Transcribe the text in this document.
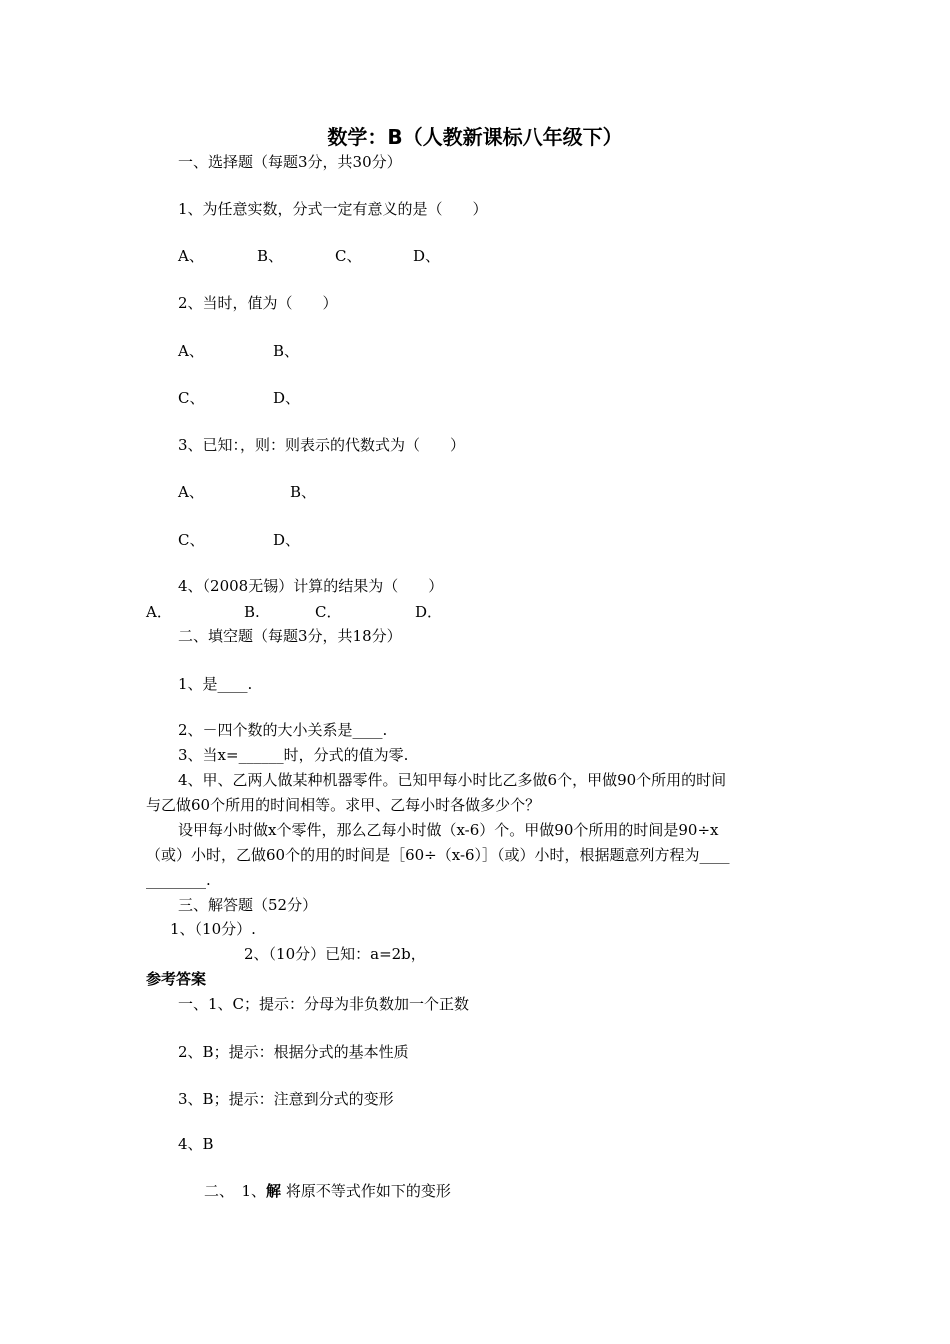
数学：B（人教新课标八年级下）
一、选择题（每题3分，共30分）
1、为任意实数，分式一定有意义的是（　　）
A、	B、	C、	D、
2、当时，值为（　　）
A、	B、
C、	D、
3、已知：，则：则表示的代数式为（　　）
A、	B、
C、	D、
4、（2008无锡）计算的结果为（　　）
A．	B.	C．	D．
二、填空题（每题3分，共18分）
1、是____.
2、－四个数的大小关系是____.
3、当x=______时，分式的值为零.
4、甲、乙两人做某种机器零件。已知甲每小时比乙多做6个，甲做90个所用的时间
与乙做60个所用的时间相等。求甲、乙每小时各做多少个？
设甲每小时做x个零件，那么乙每小时做（x-6）个。甲做90个所用的时间是90÷x
（或）小时，乙做60个的用的时间是［60÷（x-6）］（或）小时，根据题意列方程为____
________.
三、解答题（52分）
1、（10分）.
2、（10分）已知：a=2b，
参考答案
一、1、C；提示：分母为非负数加一个正数
2、B；提示：根据分式的基本性质
3、B；提示：注意到分式的变形
4、B
二、　1、解 将原不等式作如下的变形
